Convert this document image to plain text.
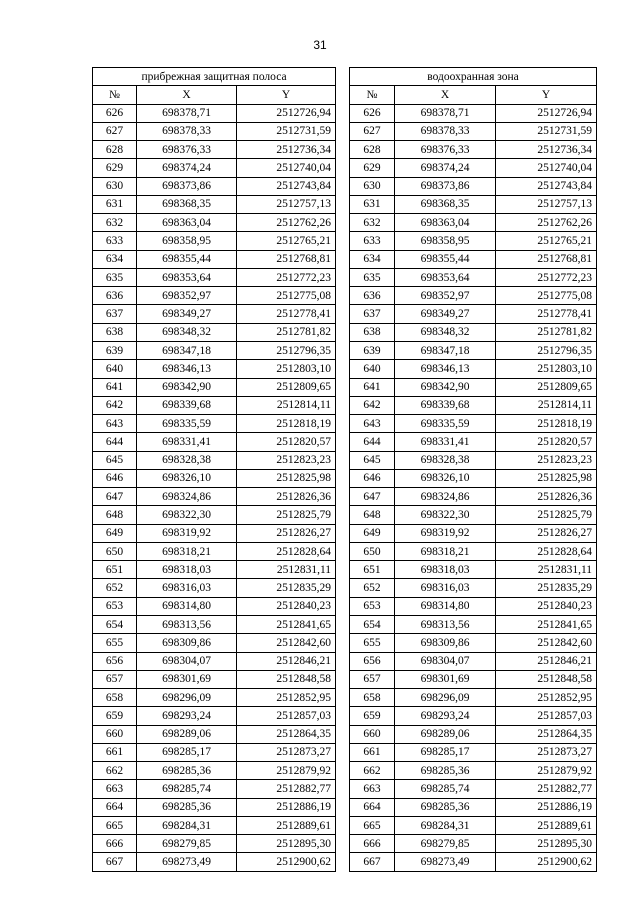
31
прибрежная защитная полоса				водоохранная зона		
№	X	Y		№	X	Y
626	698378,71	2512726,94		626	698378,71	2512726,94
627	698378,33	2512731,59		627	698378,33	2512731,59
628	698376,33	2512736,34		628	698376,33	2512736,34
629	698374,24	2512740,04		629	698374,24	2512740,04
630	698373,86	2512743,84		630	698373,86	2512743,84
631	698368,35	2512757,13		631	698368,35	2512757,13
632	698363,04	2512762,26		632	698363,04	2512762,26
633	698358,95	2512765,21		633	698358,95	2512765,21
634	698355,44	2512768,81		634	698355,44	2512768,81
635	698353,64	2512772,23		635	698353,64	2512772,23
636	698352,97	2512775,08		636	698352,97	2512775,08
637	698349,27	2512778,41		637	698349,27	2512778,41
638	698348,32	2512781,82		638	698348,32	2512781,82
639	698347,18	2512796,35		639	698347,18	2512796,35
640	698346,13	2512803,10		640	698346,13	2512803,10
641	698342,90	2512809,65		641	698342,90	2512809,65
642	698339,68	2512814,11		642	698339,68	2512814,11
643	698335,59	2512818,19		643	698335,59	2512818,19
644	698331,41	2512820,57		644	698331,41	2512820,57
645	698328,38	2512823,23		645	698328,38	2512823,23
646	698326,10	2512825,98		646	698326,10	2512825,98
647	698324,86	2512826,36		647	698324,86	2512826,36
648	698322,30	2512825,79		648	698322,30	2512825,79
649	698319,92	2512826,27		649	698319,92	2512826,27
650	698318,21	2512828,64		650	698318,21	2512828,64
651	698318,03	2512831,11		651	698318,03	2512831,11
652	698316,03	2512835,29		652	698316,03	2512835,29
653	698314,80	2512840,23		653	698314,80	2512840,23
654	698313,56	2512841,65		654	698313,56	2512841,65
655	698309,86	2512842,60		655	698309,86	2512842,60
656	698304,07	2512846,21		656	698304,07	2512846,21
657	698301,69	2512848,58		657	698301,69	2512848,58
658	698296,09	2512852,95		658	698296,09	2512852,95
659	698293,24	2512857,03		659	698293,24	2512857,03
660	698289,06	2512864,35		660	698289,06	2512864,35
661	698285,17	2512873,27		661	698285,17	2512873,27
662	698285,36	2512879,92		662	698285,36	2512879,92
663	698285,74	2512882,77		663	698285,74	2512882,77
664	698285,36	2512886,19		664	698285,36	2512886,19
665	698284,31	2512889,61		665	698284,31	2512889,61
666	698279,85	2512895,30		666	698279,85	2512895,30
667	698273,49	2512900,62		667	698273,49	2512900,62
